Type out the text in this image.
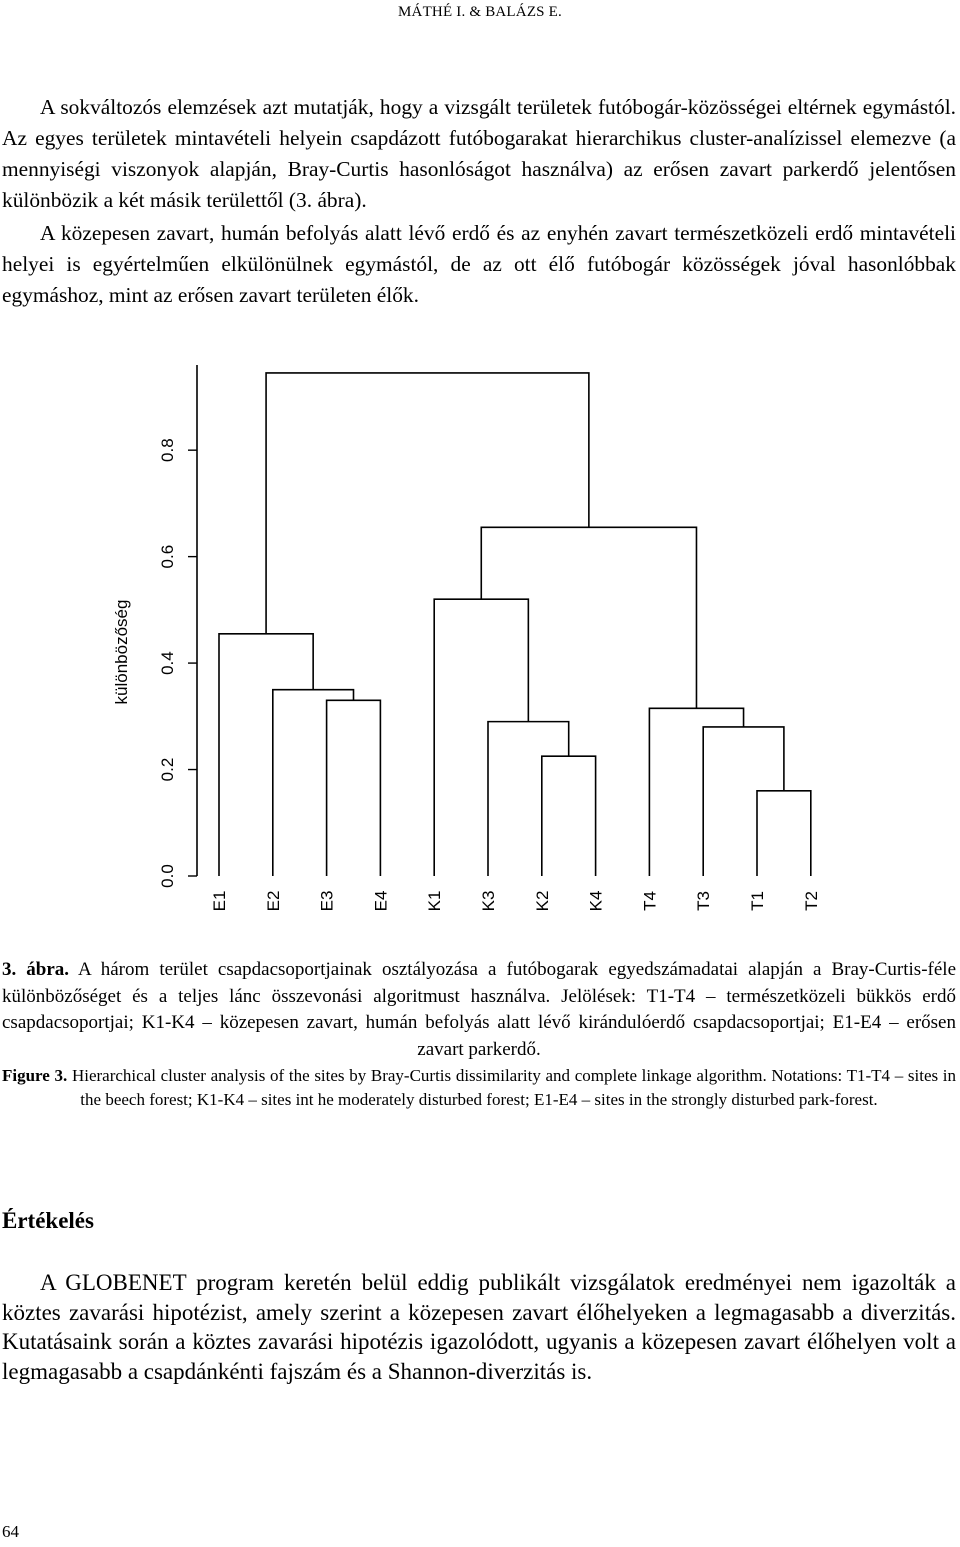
MÁTHÉ I. & BALÁZS E.

A sokváltozós elemzések azt mutatják, hogy a vizsgált területek futóbogár-közösségei eltérnek egymástól. Az egyes területek mintavételi helyein csapdázott futóbogarakat hierarchikus cluster-analízissel elemezve (a mennyiségi viszonyok alapján, Bray-Curtis hasonlóságot használva) az erősen zavart parkerdő jelentősen különbözik a két másik területtől (3. ábra).

A közepesen zavart, humán befolyás alatt lévő erdő és az enyhén zavart természetközeli erdő mintavételi helyei is egyértelműen elkülönülnek egymástól, de az ott élő futóbogár közösségek jóval hasonlóbbak egymáshoz, mint az erősen zavart területen élők.

0.0
0.2
0.4
0.6
0.8
különbözőség
E1 E2 E3 E4 K1 K3 K2 K4 T4 T3 T1 T2

3. ábra. A három terület csapdacsoportjainak osztályozása a futóbogarak egyedszámadatai alapján a Bray-Curtis-féle különbözőséget és a teljes lánc összevonási algoritmust használva. Jelölések: T1-T4 – természetközeli bükkös erdő csapdacsoportjai; K1-K4 – közepesen zavart, humán befolyás alatt lévő kirándulóerdő csapdacsoportjai; E1-E4 – erősen zavart parkerdő.

Figure 3. Hierarchical cluster analysis of the sites by Bray-Curtis dissimilarity and complete linkage algorithm. Notations: T1-T4 – sites in the beech forest; K1-K4 – sites int he moderately disturbed forest; E1-E4 – sites in the strongly disturbed park-forest.

Értékelés

A GLOBENET program keretén belül eddig publikált vizsgálatok eredményei nem igazolták a köztes zavarási hipotézist, amely szerint a közepesen zavart élőhelyeken a legmagasabb a diverzitás. Kutatásaink során a köztes zavarási hipotézis igazolódott, ugyanis a közepesen zavart élőhelyen volt a legmagasabb a csapdánkénti fajszám és a Shannon-diverzitás is.

64
